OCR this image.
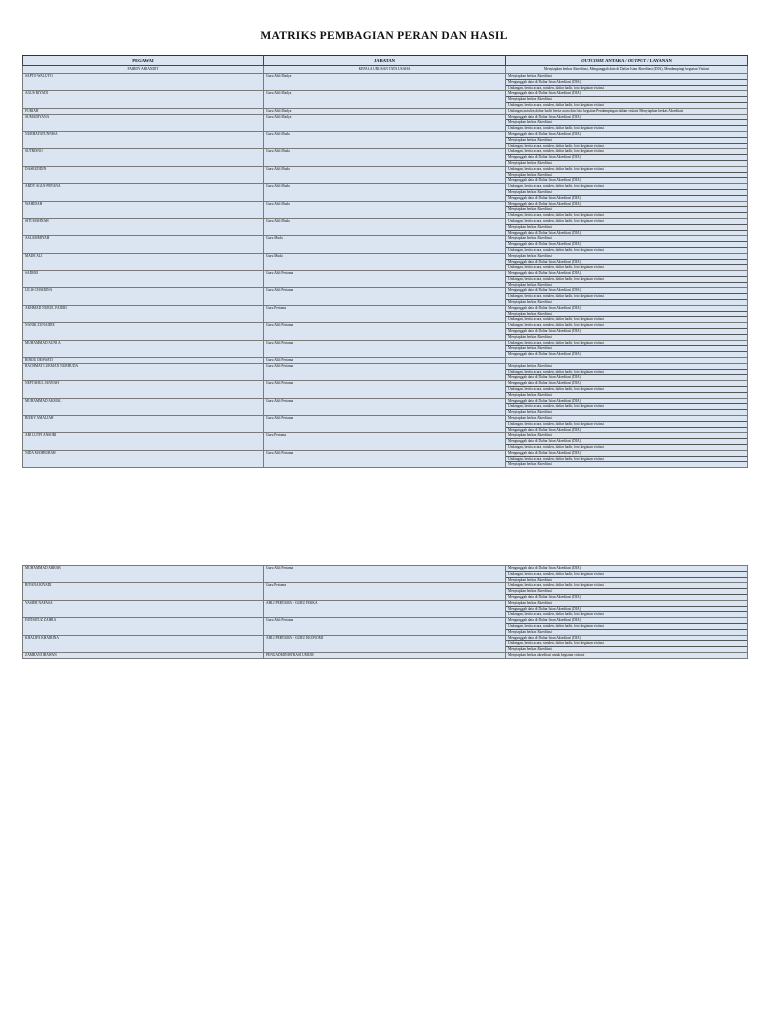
MATRIKS PEMBAGIAN PERAN DAN HASIL
PEGAWAI	JABATAN	OUTCOME ANTARA / OUTPUT / LAYANAN
FAIRDY ARIANDIT	KEPALA URUSAN TATA USAHA	Menyiapkan berkas Akreditasi, Mengunggah data di Daftar Isian Akreditasi (DIA), Mendampingi kegiatan Visitasi
SAPTO WALUYO	Guru Ahli Madya	Menyiapkan berkas Akreditasi
Mengunggah data di Daftar Isian Akreditasi (DIA)
Undangan, berita acara, notulen, daftar hadir, foto kegiatan visitasi

AGUS RIYADI	Guru Ahli Madya	Mengunggah data di Daftar Isian Akreditasi (DIA)
Menyiapkan berkas Akreditasi
Undangan, berita acara, notulen, daftar hadir, foto kegiatan visitasi

FURIAH	Guru Ahli Madya	Undangan,notulen,daftar hadir berita acara dan foto kegiatan Pendampingan dalam visitasi Menyiapkan berkas Akreditasi

SUMADIYANA	Guru Ahli Madya	Mengunggah data di Daftar Isian Akreditasi (DIA)
Menyiapkan berkas Akreditasi
Undangan, berita acara, notulen, daftar hadir, foto kegiatan visitasi

NURHAYATUNNISA	Guru Ahli Muda	Mengunggah data di Daftar Isian Akreditasi (DIA)
Menyiapkan berkas Akreditasi
Undangan, berita acara, notulen, daftar hadir, foto kegiatan visitasi

SUTRISNO	Guru Ahli Muda	Undangan, berita acara, notulen, daftar hadir, foto kegiatan visitasi
Mengunggah data di Daftar Isian Akreditasi (DIA)
Menyiapkan berkas Akreditasi

DASRUDDIN	Guru Ahli Muda	Undangan, berita acara, notulen, daftar hadir, foto kegiatan visitasi
Menyiapkan berkas Akreditasi
Mengunggah data di Daftar Isian Akreditasi (DIA)

ARDY AGUS PRYANA	Guru Ahli Muda	Undangan, berita acara, notulen, daftar hadir, foto kegiatan visitasi
Menyiapkan berkas Akreditasi
Mengunggah data di Daftar Isian Akreditasi (DIA)

WAHIDAH	Guru Ahli Muda	Mengunggah data di Daftar Isian Akreditasi (DIA)
Menyiapkan berkas Akreditasi
Undangan, berita acara, notulen, daftar hadir, foto kegiatan visitasi

SITI MAHNAH	Guru Ahli Muda	Undangan, berita acara, notulen, daftar hadir, foto kegiatan visitasi
Menyiapkan berkas Akreditasi
Mengunggah data di Daftar Isian Akreditasi (DIA)

ASLAMMIYAH	Guru Muda	Menyiapkan berkas Akreditasi
Mengunggah data di Daftar Isian Akreditasi (DIA)
Undangan, berita acara, notulen, daftar hadir, foto kegiatan visitasi

MADE ALI	Guru Muda	Menyiapkan berkas Akreditasi
Mengunggah data di Daftar Isian Akreditasi (DIA)
Undangan, berita acara, notulen, daftar hadir, foto kegiatan visitasi

SADERI	Guru Ahli Pertama	Mengunggah data di Daftar Isian Akreditasi (DIA)
Undangan, berita acara, notulen, daftar hadir, foto kegiatan visitasi
Menyiapkan berkas Akreditasi

LILIS CHAIRINA	Guru Ahli Pertama	Mengunggah data di Daftar Isian Akreditasi (DIA)
Undangan, berita acara, notulen, daftar hadir, foto kegiatan visitasi
Menyiapkan berkas Akreditasi

AKHMAD NURUL FAJERI	Guru Pertama	Mengunggah data di Daftar Isian Akreditasi (DIA)
Menyiapkan berkas Akreditasi
Undangan, berita acara, notulen, daftar hadir, foto kegiatan visitasi

NANIK ZUNAIDIE	Guru Ahli Pertama	Undangan, berita acara, notulen, daftar hadir, foto kegiatan visitasi
Mengunggah data di Daftar Isian Akreditasi (DIA)
Menyiapkan berkas Akreditasi

MUHAMMAD AUNI A.	Guru Ahli Pertama	Undangan, berita acara, notulen, daftar hadir, foto kegiatan visitasi
Menyiapkan berkas Akreditasi
Mengunggah data di Daftar Isian Akreditasi (DIA)

RINDU DESWATI	Guru Ahli Pertama	

RACHMAT LUKMAN NURHUDA	Guru Ahli Pertama	Menyiapkan berkas Akreditasi
Undangan, berita acara, notulen, daftar hadir, foto kegiatan visitasi
Mengunggah data di Daftar Isian Akreditasi (DIA)

NEFTAHUL JANNAH	Guru Ahli Pertama	Mengunggah data di Daftar Isian Akreditasi (DIA)
Undangan, berita acara, notulen, daftar hadir, foto kegiatan visitasi
Menyiapkan berkas Akreditasi

MUHAMMAD AKMAL	Guru Ahli Pertama	Mengunggah data di Daftar Isian Akreditasi (DIA)
Undangan, berita acara, notulen, daftar hadir, foto kegiatan visitasi
Menyiapkan berkas Akreditasi

RIZKY AMALIAH	Guru Ahli Pertama	Menyiapkan berkas Akreditasi
Undangan, berita acara, notulen, daftar hadir, foto kegiatan visitasi
Mengunggah data di Daftar Isian Akreditasi (DIA)

ARI LUTFI ANSORI	Guru Pertama	Menyiapkan berkas Akreditasi
Mengunggah data di Daftar Isian Akreditasi (DIA)
Undangan, berita acara, notulen, daftar hadir, foto kegiatan visitasi

NIDA MAHBUBAH	Guru Ahli Pertama	Mengunggah data di Daftar Isian Akreditasi (DIA)
Undangan, berita acara, notulen, daftar hadir, foto kegiatan visitasi
Menyiapkan berkas Akreditasi
MUHAMMAD ARRAB	Guru Ahli Pertama	Mengunggah data di Daftar Isian Akreditasi (DIA)
Undangan, berita acara, notulen, daftar hadir, foto kegiatan visitasi
Menyiapkan berkas Akreditasi

RIYANA RIYADI	Guru Pertama	Undangan, berita acara, notulen, daftar hadir, foto kegiatan visitasi
Menyiapkan berkas Akreditasi
Mengunggah data di Daftar Isian Akreditasi (DIA)

YASIER NAFASA	AHLI PERTAMA - GURU FISIKA	Menyiapkan berkas Akreditasi
Mengunggah data di Daftar Isian Akreditasi (DIA)
Undangan, berita acara, notulen, daftar hadir, foto kegiatan visitasi

FATHATUZ ZAHRA	Guru Ahli Pertama	Mengunggah data di Daftar Isian Akreditasi (DIA)
Undangan, berita acara, notulen, daftar hadir, foto kegiatan visitasi
Menyiapkan berkas Akreditasi

KHALIFA KHAIRINA	AHLI PERTAMA - GURU EKONOMI	Mengunggah data di Daftar Isian Akreditasi (DIA)
Undangan, berita acara, notulen, daftar hadir, foto kegiatan visitasi
Menyiapkan berkas Akreditasi

ZAMRANI IRAWAN	PENGADMINISTRASI UMUM	Menyiapkan berkas akreditasi untuk kegiatan visitasi
